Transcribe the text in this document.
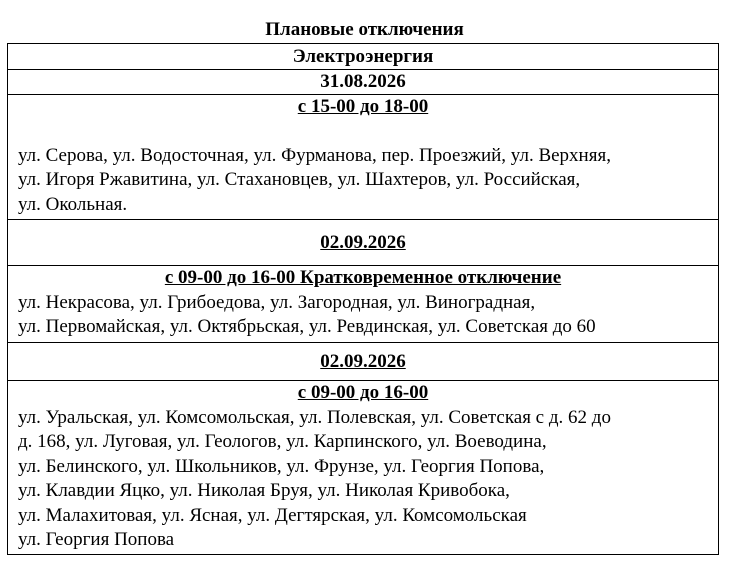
Плановые отключения
Электроэнергия
31.08.2026

с 15-00 до 18-00
ул. Серова, ул. Водосточная, ул. Фурманова, пер. Проезжий, ул. Верхняя,
ул. Игоря Ржавитина, ул. Стахановцев, ул. Шахтеров, ул. Российская,
ул. Окольная.

02.09.2026

с 09-00 до 16-00 Кратковременное отключение
ул. Некрасова, ул. Грибоедова, ул. Загородная, ул. Виноградная,
ул. Первомайская, ул. Октябрьская, ул. Ревдинская, ул. Советская до 60

02.09.2026

с 09-00 до 16-00
ул. Уральская, ул. Комсомольская, ул. Полевская, ул. Советская с д. 62 до
д. 168, ул. Луговая, ул. Геологов, ул. Карпинского, ул. Воеводина,
ул. Белинского, ул. Школьников, ул. Фрунзе, ул. Георгия Попова,
ул. Клавдии Яцко, ул. Николая Бруя, ул. Николая Кривобока,
ул. Малахитовая, ул. Ясная, ул. Дегтярская, ул. Комсомольская
ул. Георгия Попова
